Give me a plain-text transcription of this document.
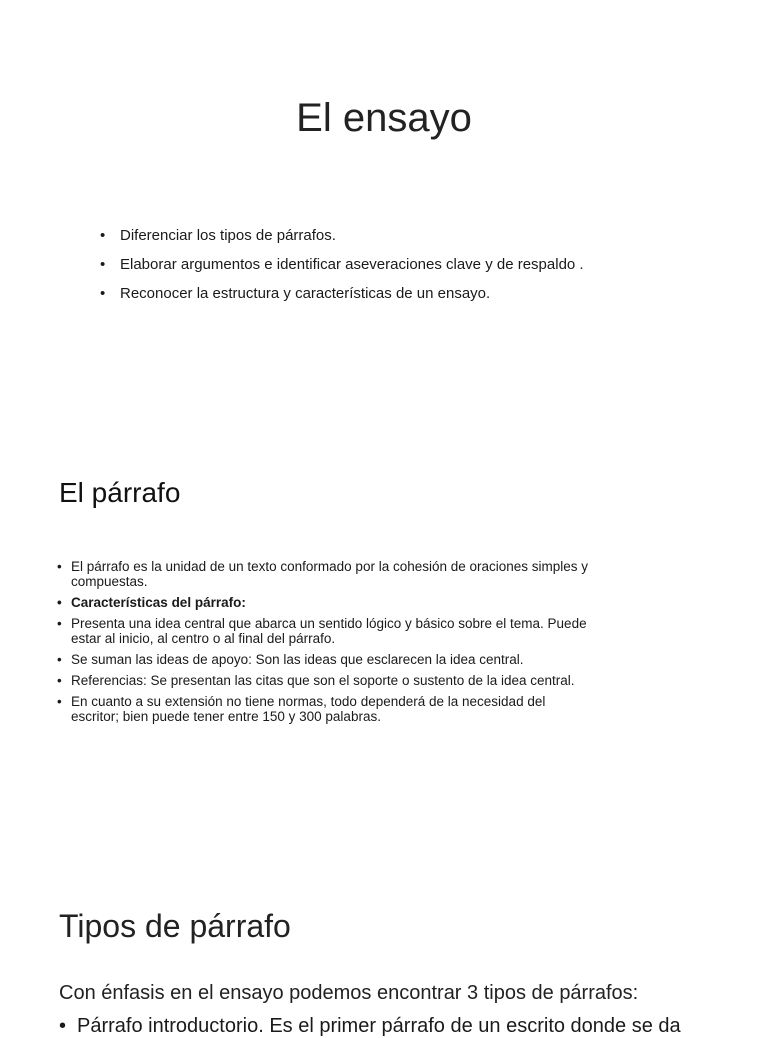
El ensayo
• Diferenciar los tipos de párrafos.
• Elaborar argumentos e identificar aseveraciones clave y de respaldo .
• Reconocer la estructura y características de un ensayo.
El párrafo
• El párrafo es la unidad de un texto conformado por la cohesión de oraciones simples y compuestas.
• Características del párrafo:
• Presenta una idea central que abarca un sentido lógico y básico sobre el tema. Puede estar al inicio, al centro o al final del párrafo.
• Se suman las ideas de apoyo: Son las ideas que esclarecen la idea central.
• Referencias: Se presentan las citas que son el soporte o sustento de la idea central.
• En cuanto a su extensión no tiene normas, todo dependerá de la necesidad del escritor; bien puede tener entre 150 y 300 palabras.
Tipos de párrafo

Con énfasis en el ensayo podemos encontrar 3 tipos de párrafos:

• Párrafo introductorio. Es el primer párrafo de un escrito donde se da
